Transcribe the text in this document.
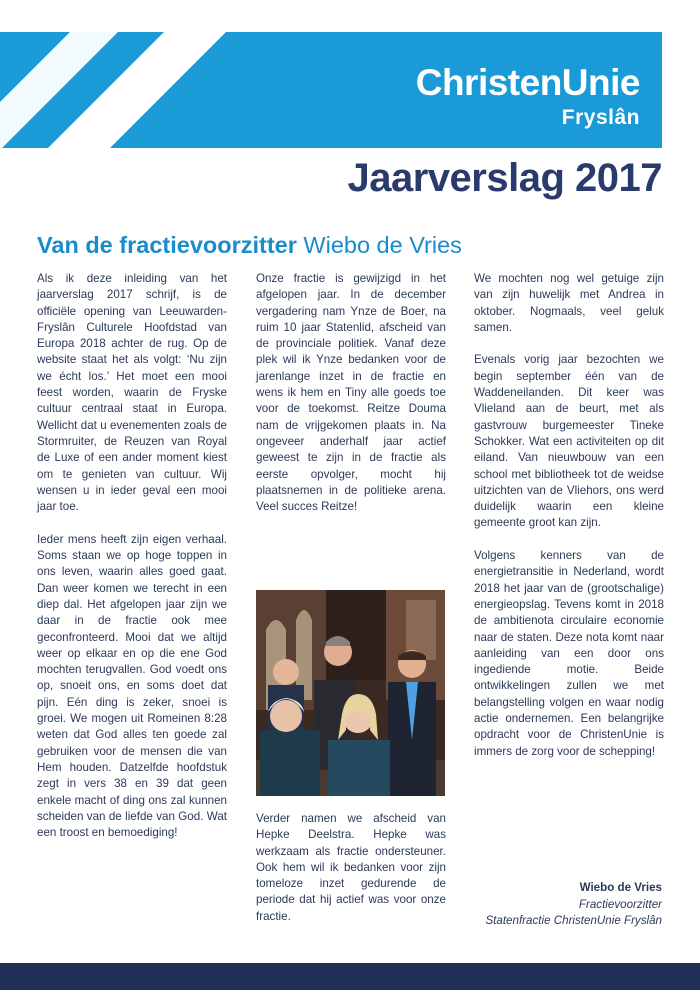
ChristenUnie
Fryslân
Jaarverslag 2017
Van de fractievoorzitter Wiebo de Vries

Als ik deze inleiding van het jaarverslag 2017 schrijf, is de officiële opening van Leeuwarden-Fryslân Culturele Hoofdstad van Europa 2018 achter de rug. Op de website staat het als volgt: ‘Nu zijn we écht los.’ Het moet een mooi feest worden, waarin de Fryske cultuur centraal staat in Europa. Wellicht dat u evenementen zoals de Stormruiter, de Reuzen van Royal de Luxe of een ander moment kiest om te genieten van cultuur. Wij wensen u in ieder geval een mooi jaar toe.

Ieder mens heeft zijn eigen verhaal. Soms staan we op hoge toppen in ons leven, waarin alles goed gaat. Dan weer komen we terecht in een diep dal. Het afgelopen jaar zijn we daar in de fractie ook mee geconfronteerd. Mooi dat we altijd weer op elkaar en op die ene God mochten terugvallen. God voedt ons op, snoeit ons, en soms doet dat pijn. Eén ding is zeker, snoei is groei. We mogen uit Romeinen 8:28 weten dat God alles ten goede zal gebruiken voor de mensen die van Hem houden. Datzelfde hoofdstuk zegt in vers 38 en 39 dat geen enkele macht of ding ons zal kunnen scheiden van de liefde van God. Wat een troost en bemoediging!

Onze fractie is gewijzigd in het afgelopen jaar. In de december vergadering nam Ynze de Boer, na ruim 10 jaar Statenlid, afscheid van de provinciale politiek. Vanaf deze plek wil ik Ynze bedanken voor de jarenlange inzet in de fractie en wens ik hem en Tiny alle goeds toe voor de toekomst. Reitze Douma nam de vrijgekomen plaats in. Na ongeveer anderhalf jaar actief geweest te zijn in de fractie als eerste opvolger, mocht hij plaatsnemen in de politieke arena. Veel succes Reitze!

Verder namen we afscheid van Hepke Deelstra. Hepke was werkzaam als fractie ondersteuner. Ook hem wil ik bedanken voor zijn tomeloze inzet gedurende de periode dat hij actief was voor onze fractie.

We mochten nog wel getuige zijn van zijn huwelijk met Andrea in oktober. Nogmaals, veel geluk samen.

Evenals vorig jaar bezochten we begin september één van de Waddeneilanden. Dit keer was Vlieland aan de beurt, met als gastvrouw burgemeester Tineke Schokker. Wat een activiteiten op dit eiland. Van nieuwbouw van een school met bibliotheek tot de weidse uitzichten van de Vliehors, ons werd duidelijk waarin een kleine gemeente groot kan zijn.

Volgens kenners van de energietransitie in Nederland, wordt 2018 het jaar van de (grootschalige) energieopslag. Tevens komt in 2018 de ambitienota circulaire economie naar de staten. Deze nota komt naar aanleiding van een door ons ingediende motie. Beide ontwikkelingen zullen we met belangstelling volgen en waar nodig actie ondernemen. Een belangrijke opdracht voor de ChristenUnie is immers de zorg voor de schepping!

Wiebo de Vries
Fractievoorzitter
Statenfractie ChristenUnie Fryslân
